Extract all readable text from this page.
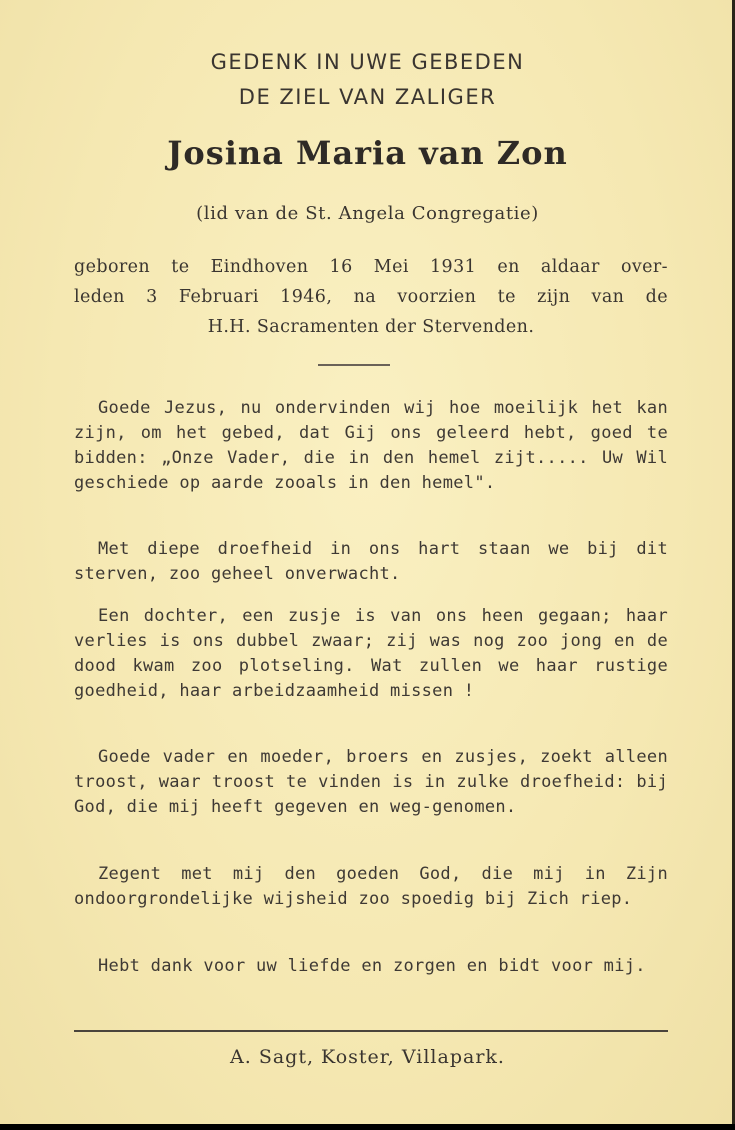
GEDENK IN UWE GEBEDEN
DE ZIEL VAN ZALIGER
Josina Maria van Zon
(lid van de St. Angela Congregatie)
geboren te Eindhoven 16 Mei 1931 en aldaar over-
leden 3 Februari 1946, na voorzien te zijn van de
H.H. Sacramenten der Stervenden.

Goede Jezus, nu ondervinden wij hoe moeilijk het kan zijn, om het gebed, dat Gij ons geleerd hebt, goed te bidden: „Onze Vader, die in den hemel zijt..... Uw Wil geschiede op aarde zooals in den hemel".

Met diepe droefheid in ons hart staan we bij dit sterven, zoo geheel onverwacht.

Een dochter, een zusje is van ons heen gegaan; haar verlies is ons dubbel zwaar; zij was nog zoo jong en de dood kwam zoo plotseling. Wat zullen we haar rustige goedheid, haar arbeidzaamheid missen !

Goede vader en moeder, broers en zusjes, zoekt alleen troost, waar troost te vinden is in zulke droefheid: bij God, die mij heeft gegeven en weg-genomen.

Zegent met mij den goeden God, die mij in Zijn ondoorgrondelijke wijsheid zoo spoedig bij Zich riep.

Hebt dank voor uw liefde en zorgen en bidt voor mij.

A. Sagt, Koster, Villapark.
